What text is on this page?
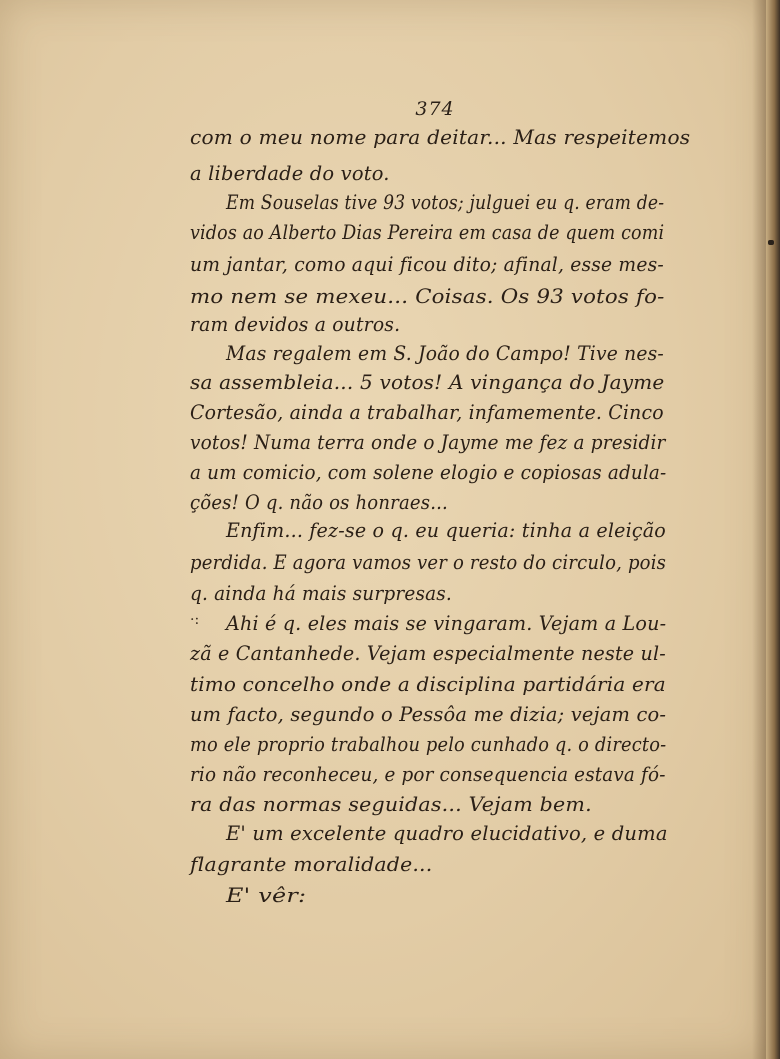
374
com o meu nome para deitar... Mas respeitemos
a liberdade do voto.
Em Souselas tive 93 votos; julguei eu q. eram de-
vidos ao Alberto Dias Pereira em casa de quem comi
um jantar, como aqui ficou dito; afinal, esse mes-
mo nem se mexeu... Coisas. Os 93 votos fo-
ram devidos a outros.
Mas regalem em S. João do Campo! Tive nes-
sa assembleia... 5 votos! A vingança do Jayme
Cortesão, ainda a trabalhar, infamemente. Cinco
votos! Numa terra onde o Jayme me fez a presidir
a um comicio, com solene elogio e copiosas adula-
ções! O q. não os honraes...
Enfim... fez-se o q. eu queria: tinha a eleição
perdida. E agora vamos ver o resto do circulo, pois
q. ainda há mais surpresas.
·: Ahi é q. eles mais se vingaram. Vejam a Lou-
zã e Cantanhede. Vejam especialmente neste ul-
timo concelho onde a disciplina partidária era
um facto, segundo o Pessôa me dizia; vejam co-
mo ele proprio trabalhou pelo cunhado q. o directo-
rio não reconheceu, e por consequencia estava fó-
ra das normas seguidas... Vejam bem.
E' um excelente quadro elucidativo, e duma
flagrante moralidade...
E' vêr:
